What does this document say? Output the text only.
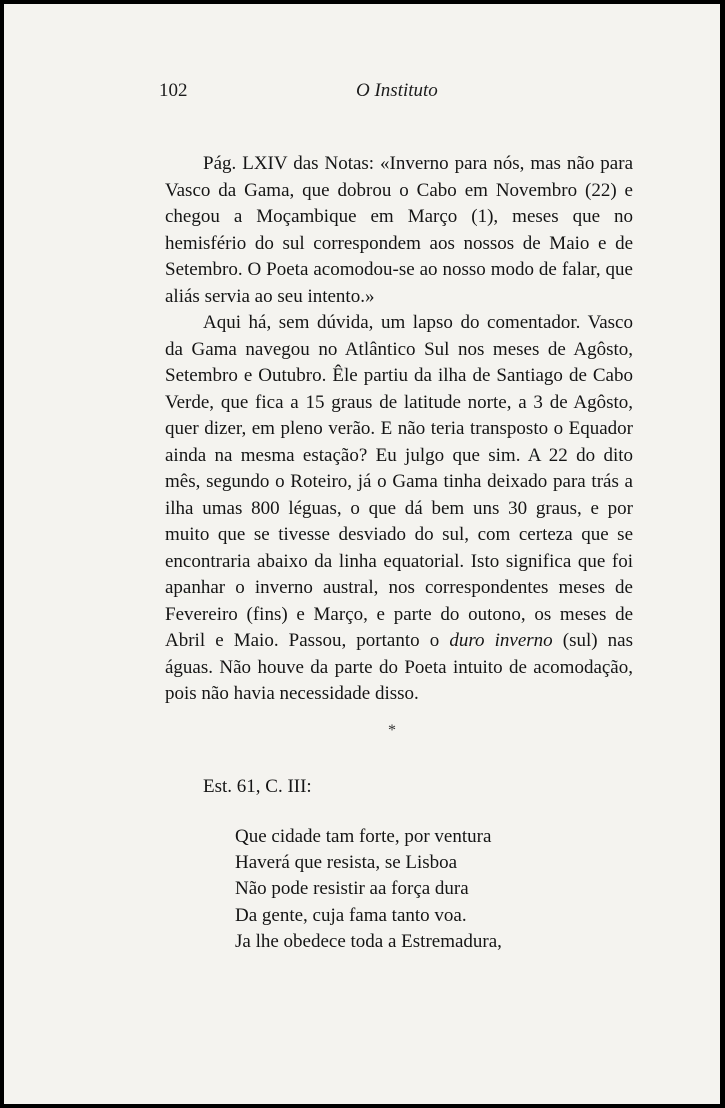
102	O Instituto

Pág. LXIV das Notas: «Inverno para nós, mas não para Vasco da Gama, que dobrou o Cabo em Novembro (22) e chegou a Moçambique em Março (1), meses que no hemisfério do sul correspondem aos nossos de Maio e de Setembro. O Poeta acomodou-se ao nosso modo de falar, que aliás servia ao seu intento.»

Aqui há, sem dúvida, um lapso do comentador. Vasco da Gama navegou no Atlântico Sul nos meses de Agôsto, Setembro e Outubro. Êle partiu da ilha de Santiago de Cabo Verde, que fica a 15 graus de latitude norte, a 3 de Agôsto, quer dizer, em pleno verão. E não teria transposto o Equador ainda na mesma estação? Eu julgo que sim. A 22 do dito mês, segundo o Roteiro, já o Gama tinha deixado para trás a ilha umas 800 léguas, o que dá bem uns 30 graus, e por muito que se tivesse desviado do sul, com certeza que se encontraria abaixo da linha equatorial. Isto significa que foi apanhar o inverno austral, nos correspondentes meses de Fevereiro (fins) e Março, e parte do outono, os meses de Abril e Maio. Passou, portanto o duro inverno (sul) nas águas. Não houve da parte do Poeta intuito de acomodação, pois não havia necessidade disso.

*
Est. 61, C. III:
Que cidade tam forte, por ventura
Haverá que resista, se Lisboa
Não pode resistir aa força dura
Da gente, cuja fama tanto voa.
Ja lhe obedece toda a Estremadura,
